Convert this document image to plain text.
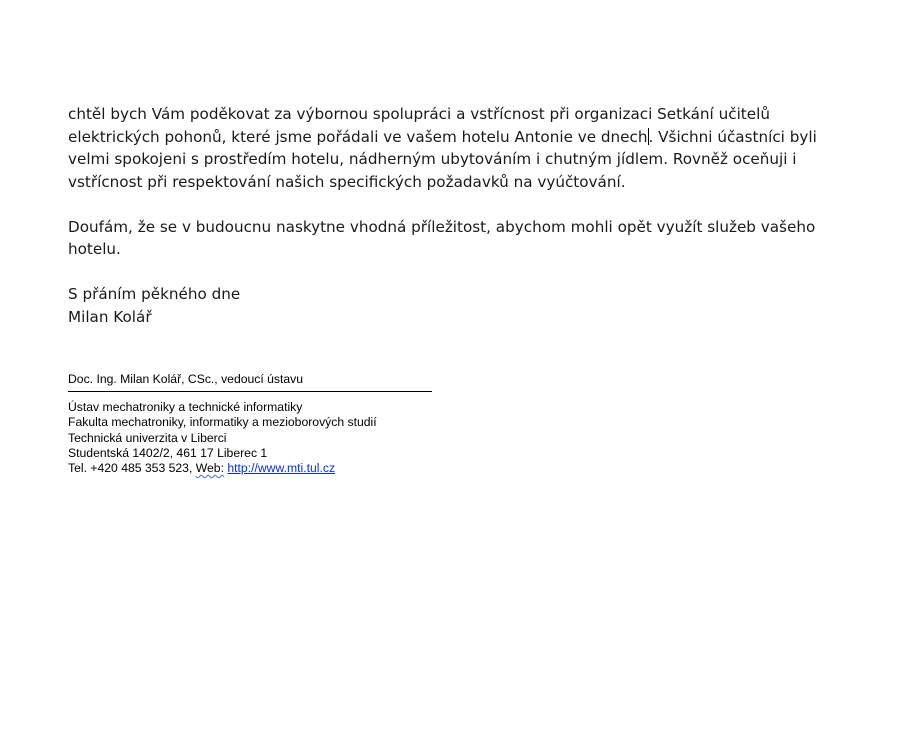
chtěl bych Vám poděkovat za výbornou spolupráci a vstřícnost při organizaci Setkání učitelů
elektrických pohonů, které jsme pořádali ve vašem hotelu Antonie ve dnech. Všichni účastníci byli
velmi spokojeni s prostředím hotelu, nádherným ubytováním i chutným jídlem. Rovněž oceňuji i
vstřícnost při respektování našich specifických požadavků na vyúčtování.

Doufám, že se v budoucnu naskytne vhodná příležitost, abychom mohli opět využít služeb vašeho
hotelu.

S přáním pěkného dne
Milan Kolář

Doc. Ing. Milan Kolář, CSc., vedoucí ústavu
Ústav mechatroniky a technické informatiky
Fakulta mechatroniky, informatiky a mezioborových studií
Technická univerzita v Liberci
Studentská 1402/2, 461 17 Liberec 1
Tel. +420 485 353 523, Web: http://www.mti.tul.cz
